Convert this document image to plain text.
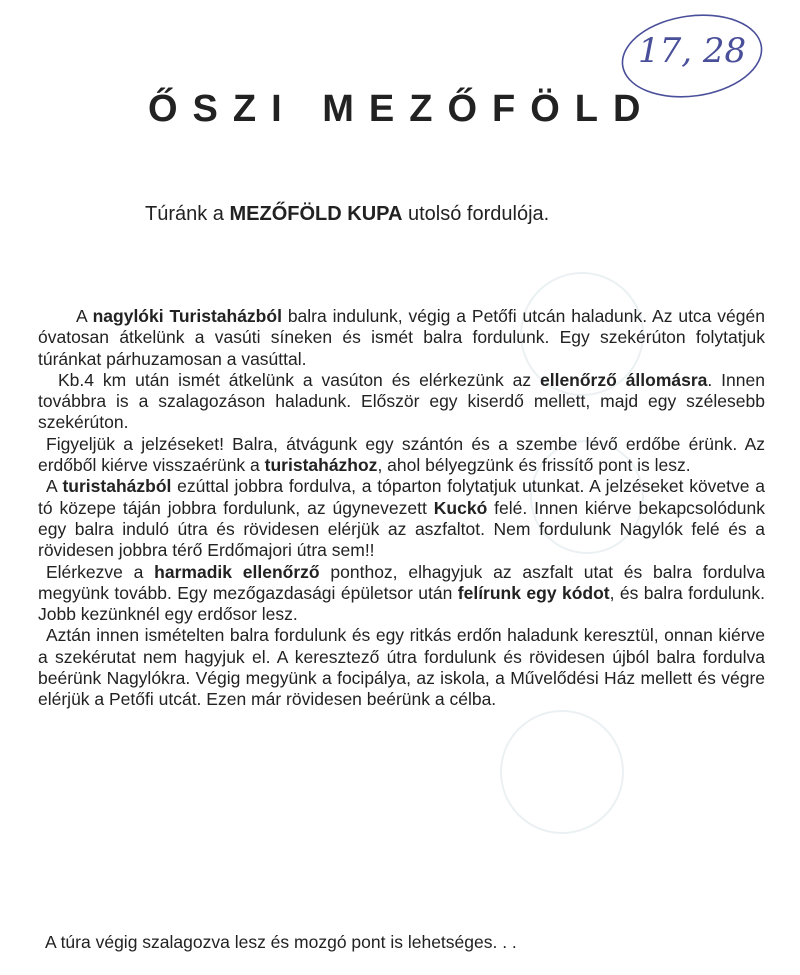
17, 28
ŐSZI MEZŐFÖLD
Túránk a MEZŐFÖLD KUPA utolsó fordulója.

A nagylóki Turistaházból balra indulunk, végig a Petőfi utcán haladunk. Az utca végén óvatosan átkelünk a vasúti síneken és ismét balra fordulunk. Egy szekérúton folytatjuk túránkat párhuzamosan a vasúttal.

Kb.4 km után ismét átkelünk a vasúton és elérkezünk az ellenőrző állomásra. Innen továbbra is a szalagozáson haladunk. Először egy kiserdő mellett, majd egy szélesebb szekérúton.

Figyeljük a jelzéseket! Balra, átvágunk egy szántón és a szembe lévő erdőbe érünk. Az erdőből kiérve visszaérünk a turistaházhoz, ahol bélyegzünk és frissítő pont is lesz.

A turistaházból ezúttal jobbra fordulva, a tóparton folytatjuk utunkat. A jelzéseket követve a tó közepe táján jobbra fordulunk, az úgynevezett Kuckó felé. Innen kiérve bekapcsolódunk egy balra induló útra és rövidesen elérjük az aszfaltot. Nem fordulunk Nagylók felé és a rövidesen jobbra térő Erdőmajori útra sem!!

Elérkezve a harmadik ellenőrző ponthoz, elhagyjuk az aszfalt utat és balra fordulva megyünk tovább. Egy mezőgazdasági épületsor után felírunk egy kódot, és balra fordulunk. Jobb kezünknél egy erdősor lesz.

Aztán innen ismételten balra fordulunk és egy ritkás erdőn haladunk keresztül, onnan kiérve a szekérutat nem hagyjuk el. A keresztező útra fordulunk és rövidesen újból balra fordulva beérünk Nagylókra. Végig megyünk a focipálya, az iskola, a Művelődési Ház mellett és végre elérjük a Petőfi utcát. Ezen már rövidesen beérünk a célba.

A túra végig szalagozva lesz és mozgó pont is lehetséges. . .
